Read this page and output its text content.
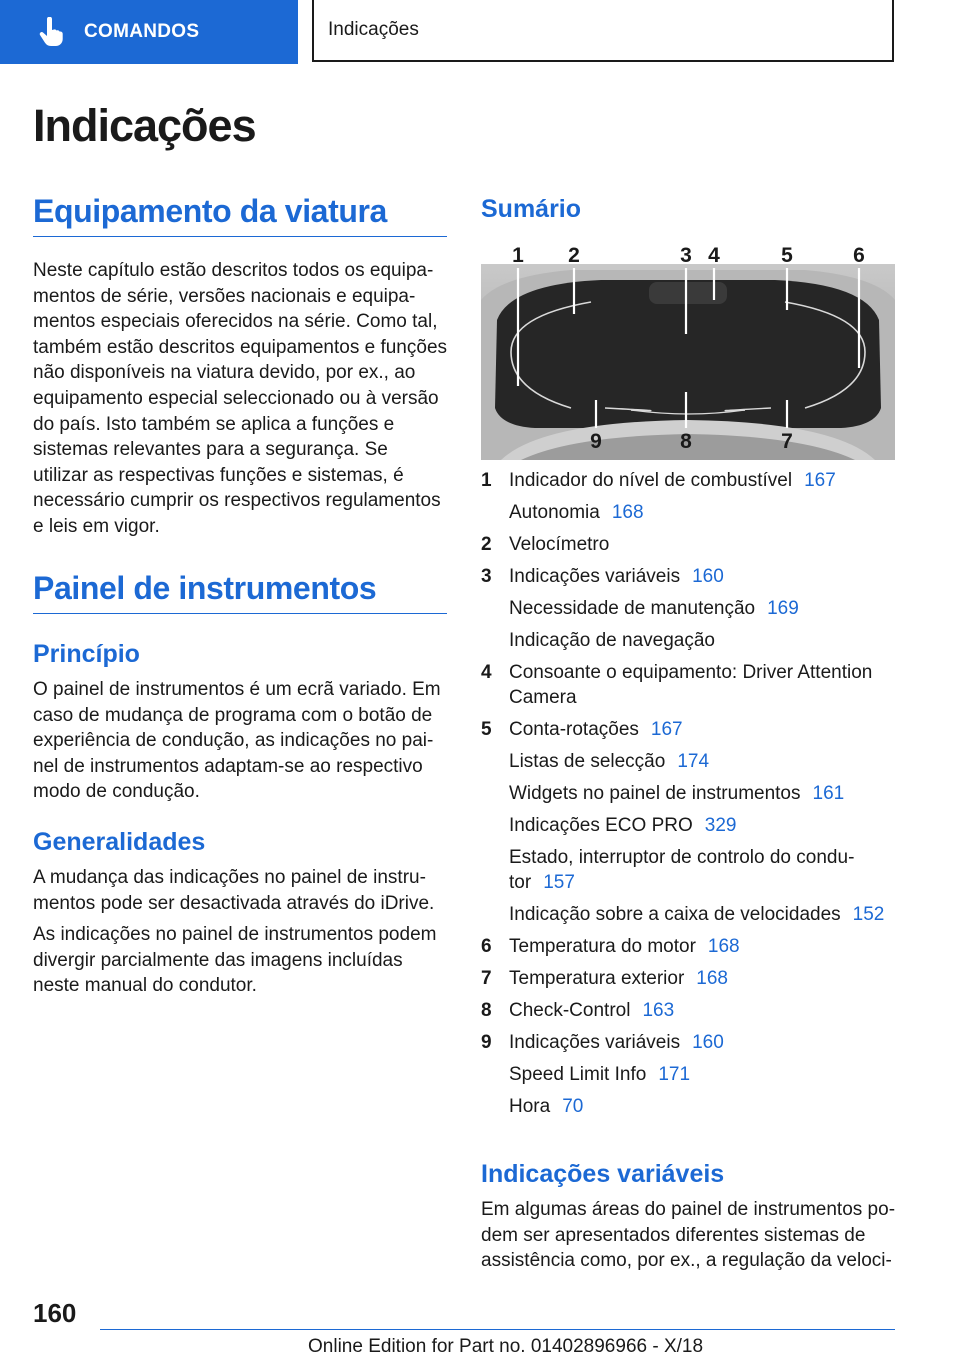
COMANDOS	Indicações
Indicações
Equipamento da viatura

Neste capítulo estão descritos todos os equipamentos de série, versões nacionais e equipamentos especiais oferecidos na série. Como tal, também estão descritos equipamentos e funções não disponíveis na viatura devido, por ex., ao equipamento especial seleccionado ou à versão do país. Isto também se aplica a funções e sistemas relevantes para a segurança. Se utilizar as respectivas funções e sistemas, é necessário cumprir os respectivos regulamentos e leis em vigor.

Painel de instrumentos
Princípio

O painel de instrumentos é um ecrã variado. Em caso de mudança de programa com o botão de experiência de condução, as indicações no painel de instrumentos adaptam-se ao respectivo modo de condução.

Generalidades

A mudança das indicações no painel de instrumentos pode ser desactivada através do iDrive.

As indicações no painel de instrumentos podem divergir parcialmente das imagens incluídas neste manual do condutor.

Sumário
1 2	3 4	5	6
9	8	7
1 Indicador do nível de combustível 167
Autonomia 168
2 Velocímetro
3 Indicações variáveis 160
Necessidade de manutenção 169
Indicação de navegação
4 Consoante o equipamento: Driver Attention Camera
5 Conta-rotações 167
Listas de selecção 174
Widgets no painel de instrumentos 161
Indicações ECO PRO 329
Estado, interruptor de controlo do condutor 157
Indicação sobre a caixa de velocidades 152
6 Temperatura do motor 168
7 Temperatura exterior 168
8 Check-Control 163
9 Indicações variáveis 160
Speed Limit Info 171
Hora 70
Indicações variáveis

Em algumas áreas do painel de instrumentos podem ser apresentados diferentes sistemas de assistência como, por ex., a regulação da veloci-

160
Online Edition for Part no. 01402896966 - X/18
